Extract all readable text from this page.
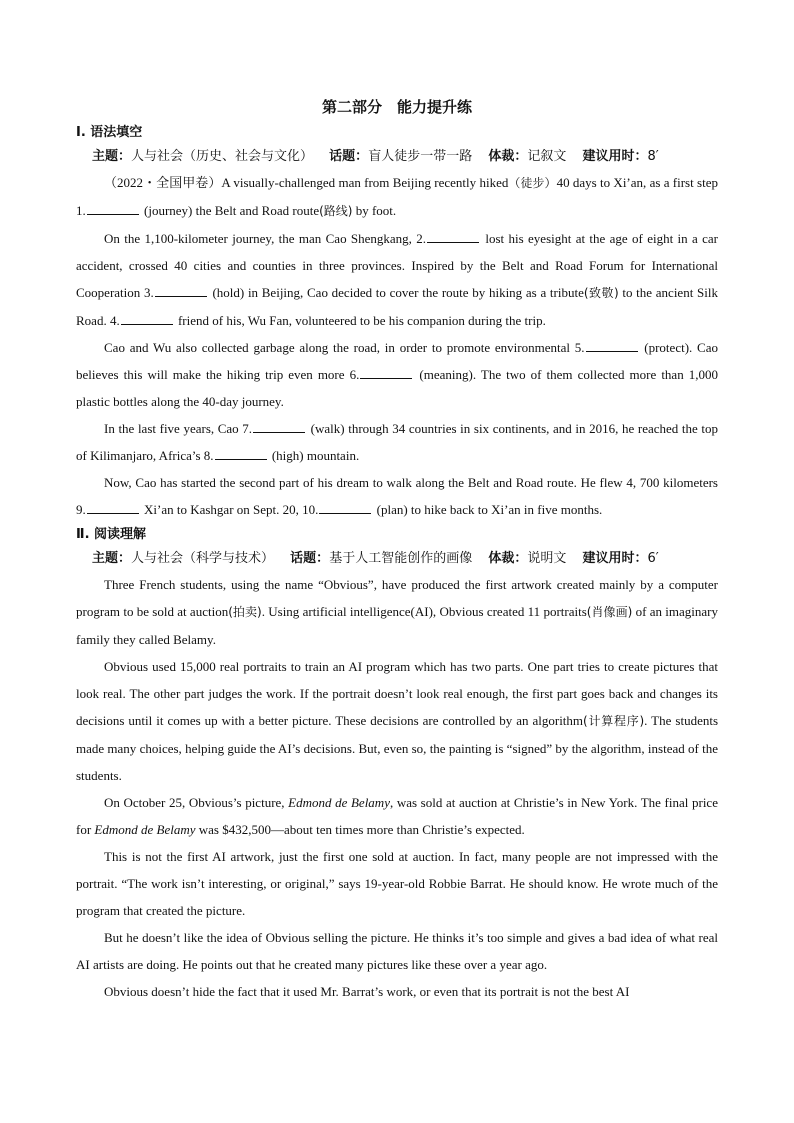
第二部分　能力提升练
Ⅰ. 语法填空
主题：人与社会（历史、社会与文化） 话题：盲人徒步一带一路 体裁：记叙文 建议用时：8′

（2022・全国甲卷）A visually-challenged man from Beijing recently hiked（徒步）40 days to Xi’an, as a first step 1.	(journey) the Belt and Road route(路线) by foot.

On the 1,100-kilometer journey, the man Cao Shengkang, 2.	lost his eyesight at the age of eight in a car accident, crossed 40 cities and counties in three provinces. Inspired by the Belt and Road Forum for International Cooperation 3.	(hold) in Beijing, Cao decided to cover the route by hiking as a tribute(致敬) to the ancient Silk Road. 4.	friend of his, Wu Fan, volunteered to be his companion during the trip.

Cao and Wu also collected garbage along the road, in order to promote environmental 5.	(protect). Cao believes this will make the hiking trip even more 6.	(meaning). The two of them collected more than 1,000 plastic bottles along the 40-day journey.

In the last five years, Cao 7.	(walk) through 34 countries in six continents, and in 2016, he reached the top of Kilimanjaro, Africa’s 8.	(high) mountain.

Now, Cao has started the second part of his dream to walk along the Belt and Road route. He flew 4, 700 kilometers 9.	Xi’an to Kashgar on Sept. 20, 10.	(plan) to hike back to Xi’an in five months.

Ⅱ. 阅读理解
主题：人与社会（科学与技术） 话题：基于人工智能创作的画像 体裁：说明文 建议用时：6′

Three French students, using the name “Obvious”, have produced the first artwork created mainly by a computer program to be sold at auction(拍卖). Using artificial intelligence(AI), Obvious created 11 portraits(肖像画) of an imaginary family they called Belamy.

Obvious used 15,000 real portraits to train an AI program which has two parts. One part tries to create pictures that look real. The other part judges the work. If the portrait doesn’t look real enough, the first part goes back and changes its decisions until it comes up with a better picture. These decisions are controlled by an algorithm(计算程序). The students made many choices, helping guide the AI’s decisions. But, even so, the painting is “signed” by the algorithm, instead of the students.

On October 25, Obvious’s picture, Edmond de Belamy, was sold at auction at Christie’s in New York. The final price for Edmond de Belamy was $432,500—about ten times more than Christie’s expected.

This is not the first AI artwork, just the first one sold at auction. In fact, many people are not impressed with the portrait. “The work isn’t interesting, or original,” says 19-year-old Robbie Barrat. He should know. He wrote much of the program that created the picture.

But he doesn’t like the idea of Obvious selling the picture. He thinks it’s too simple and gives a bad idea of what real AI artists are doing. He points out that he created many pictures like these over a year ago.

Obvious doesn’t hide the fact that it used Mr. Barrat’s work, or even that its portrait is not the best AI
